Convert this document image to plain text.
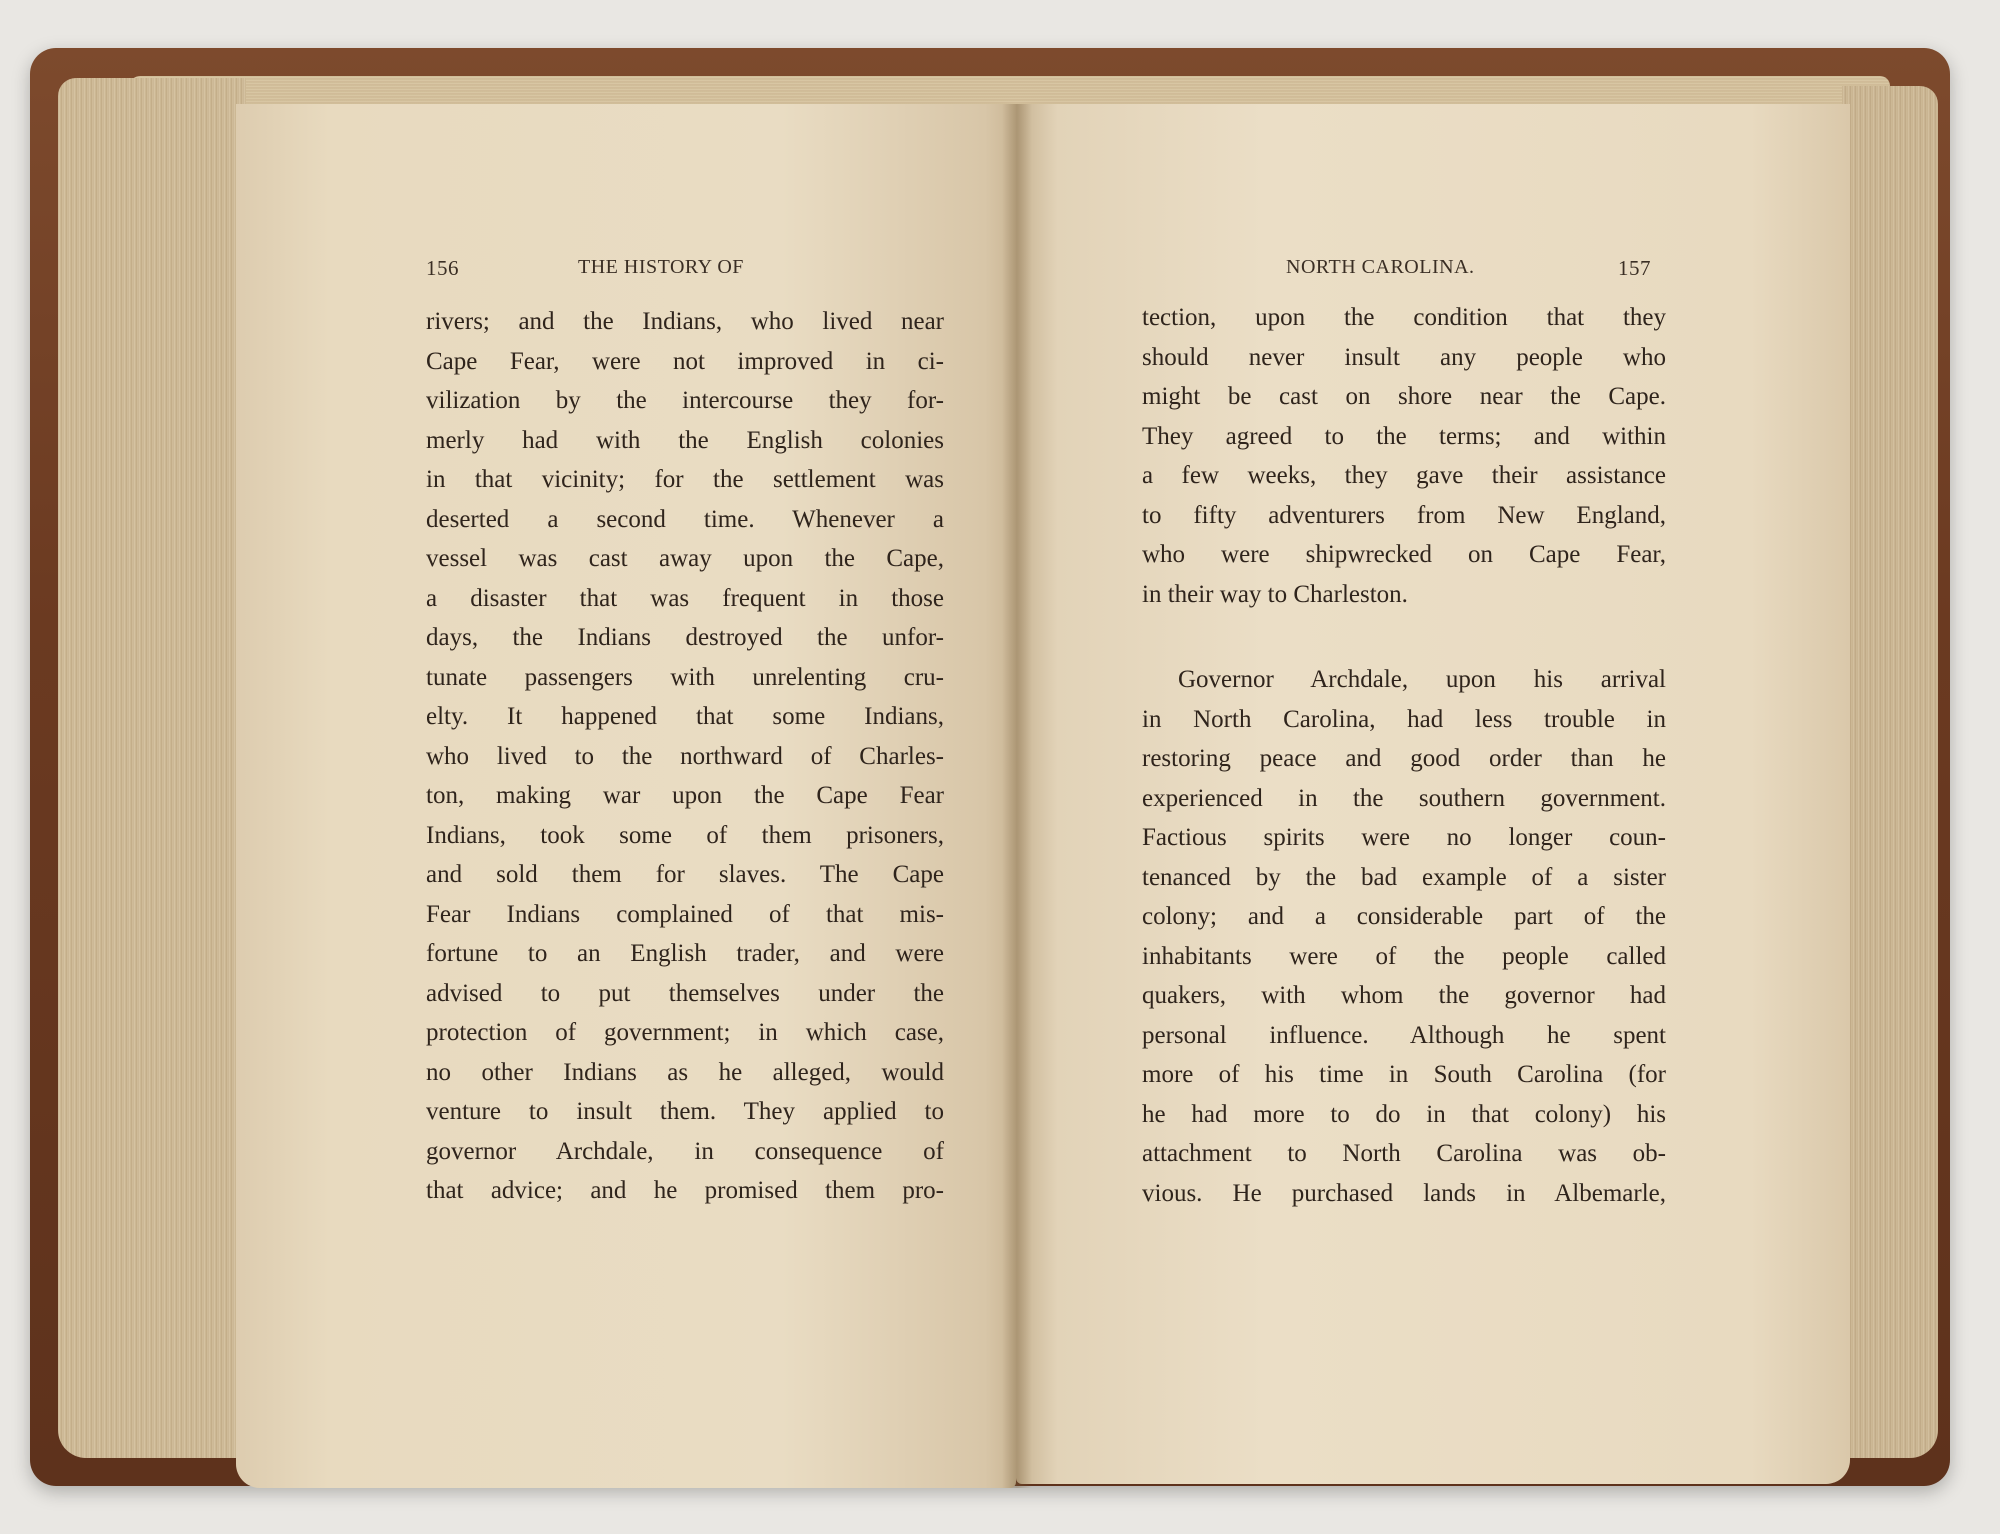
156	THE HISTORY OF	NORTH CAROLINA.	157
rivers; and the Indians, who lived near
Cape Fear, were not improved in ci-
vilization by the intercourse they for-
merly had with the English colonies
in that vicinity; for the settlement was
deserted a second time. Whenever a
vessel was cast away upon the Cape,
a disaster that was frequent in those
days, the Indians destroyed the unfor-
tunate passengers with unrelenting cru-
elty. It happened that some Indians,
who lived to the northward of Charles-
ton, making war upon the Cape Fear
Indians, took some of them prisoners,
and sold them for slaves. The Cape
Fear Indians complained of that mis-
fortune to an English trader, and were
advised to put themselves under the
protection of government; in which case,
no other Indians as he alleged, would
venture to insult them. They applied to
governor Archdale, in consequence of
that advice; and he promised them pro-
tection, upon the condition that they
should never insult any people who
might be cast on shore near the Cape.
They agreed to the terms; and within
a few weeks, they gave their assistance
to fifty adventurers from New England,
who were shipwrecked on Cape Fear,
in their way to Charleston.
Governor Archdale, upon his arrival
in North Carolina, had less trouble in
restoring peace and good order than he
experienced in the southern government.
Factious spirits were no longer coun-
tenanced by the bad example of a sister
colony; and a considerable part of the
inhabitants were of the people called
quakers, with whom the governor had
personal influence. Although he spent
more of his time in South Carolina (for
he had more to do in that colony) his
attachment to North Carolina was ob-
vious. He purchased lands in Albemarle,
